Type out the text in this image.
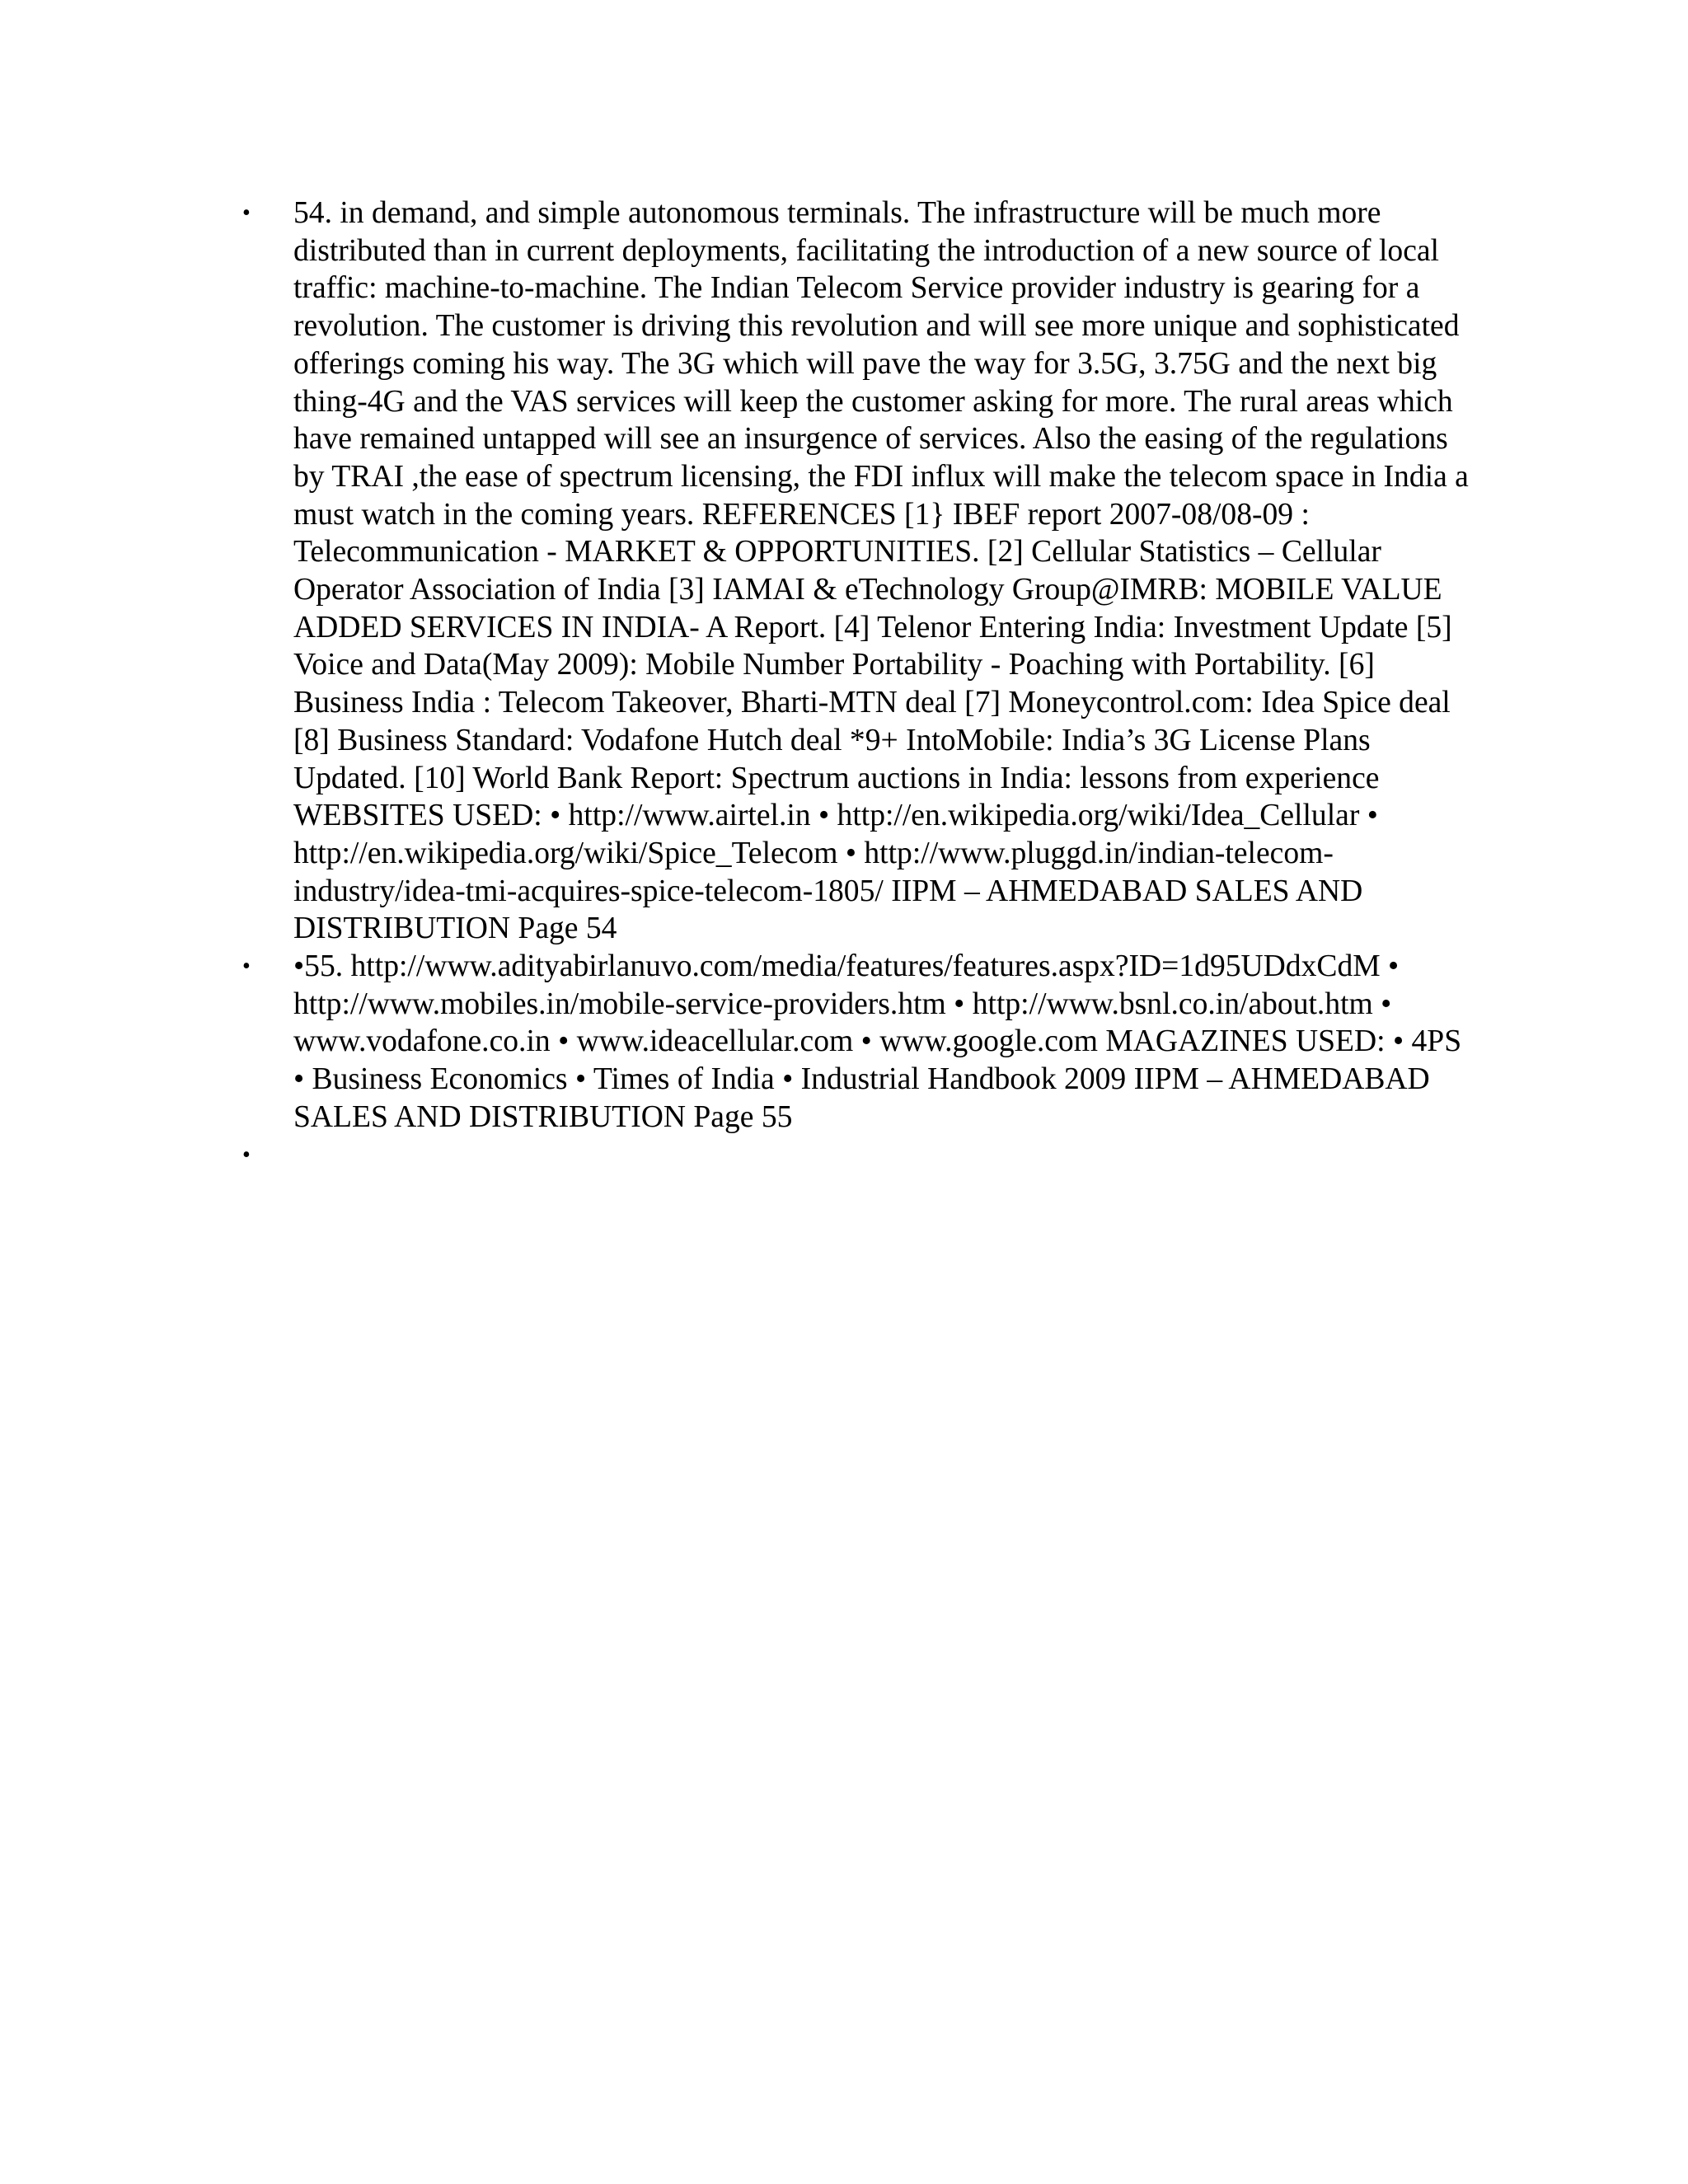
• 54. in demand, and simple autonomous terminals. The infrastructure will be much more distributed than in current deployments, facilitating the introduction of a new source of local traffic: machine-to-machine. The Indian Telecom Service provider industry is gearing for a revolution. The customer is driving this revolution and will see more unique and sophisticated offerings coming his way. The 3G which will pave the way for 3.5G, 3.75G and the next big thing-4G and the VAS services will keep the customer asking for more. The rural areas which have remained untapped will see an insurgence of services. Also the easing of the regulations by TRAI ,the ease of spectrum licensing, the FDI influx will make the telecom space in India a must watch in the coming years. REFERENCES [1} IBEF report 2007-08/08-09 : Telecommunication - MARKET & OPPORTUNITIES. [2] Cellular Statistics – Cellular Operator Association of India [3] IAMAI & eTechnology Group@IMRB: MOBILE VALUE ADDED SERVICES IN INDIA- A Report. [4] Telenor Entering India: Investment Update [5] Voice and Data(May 2009): Mobile Number Portability - Poaching with Portability. [6] Business India : Telecom Takeover, Bharti-MTN deal [7] Moneycontrol.com: Idea Spice deal [8] Business Standard: Vodafone Hutch deal *9+ IntoMobile: India’s 3G License Plans Updated. [10] World Bank Report: Spectrum auctions in India: lessons from experience WEBSITES USED: • http://www.airtel.in • http://en.wikipedia.org/wiki/Idea_Cellular • http://en.wikipedia.org/wiki/Spice_Telecom • http://www.pluggd.in/indian-telecom-industry/idea-tmi-acquires-spice-telecom-1805/ IIPM – AHMEDABAD SALES AND DISTRIBUTION Page 54
• •55. http://www.adityabirlanuvo.com/media/features/features.aspx?ID=1d95UDdxCdM • http://www.mobiles.in/mobile-service-providers.htm • http://www.bsnl.co.in/about.htm • www.vodafone.co.in • www.ideacellular.com • www.google.com MAGAZINES USED: • 4PS • Business Economics • Times of India • Industrial Handbook 2009 IIPM – AHMEDABAD SALES AND DISTRIBUTION Page 55
•
